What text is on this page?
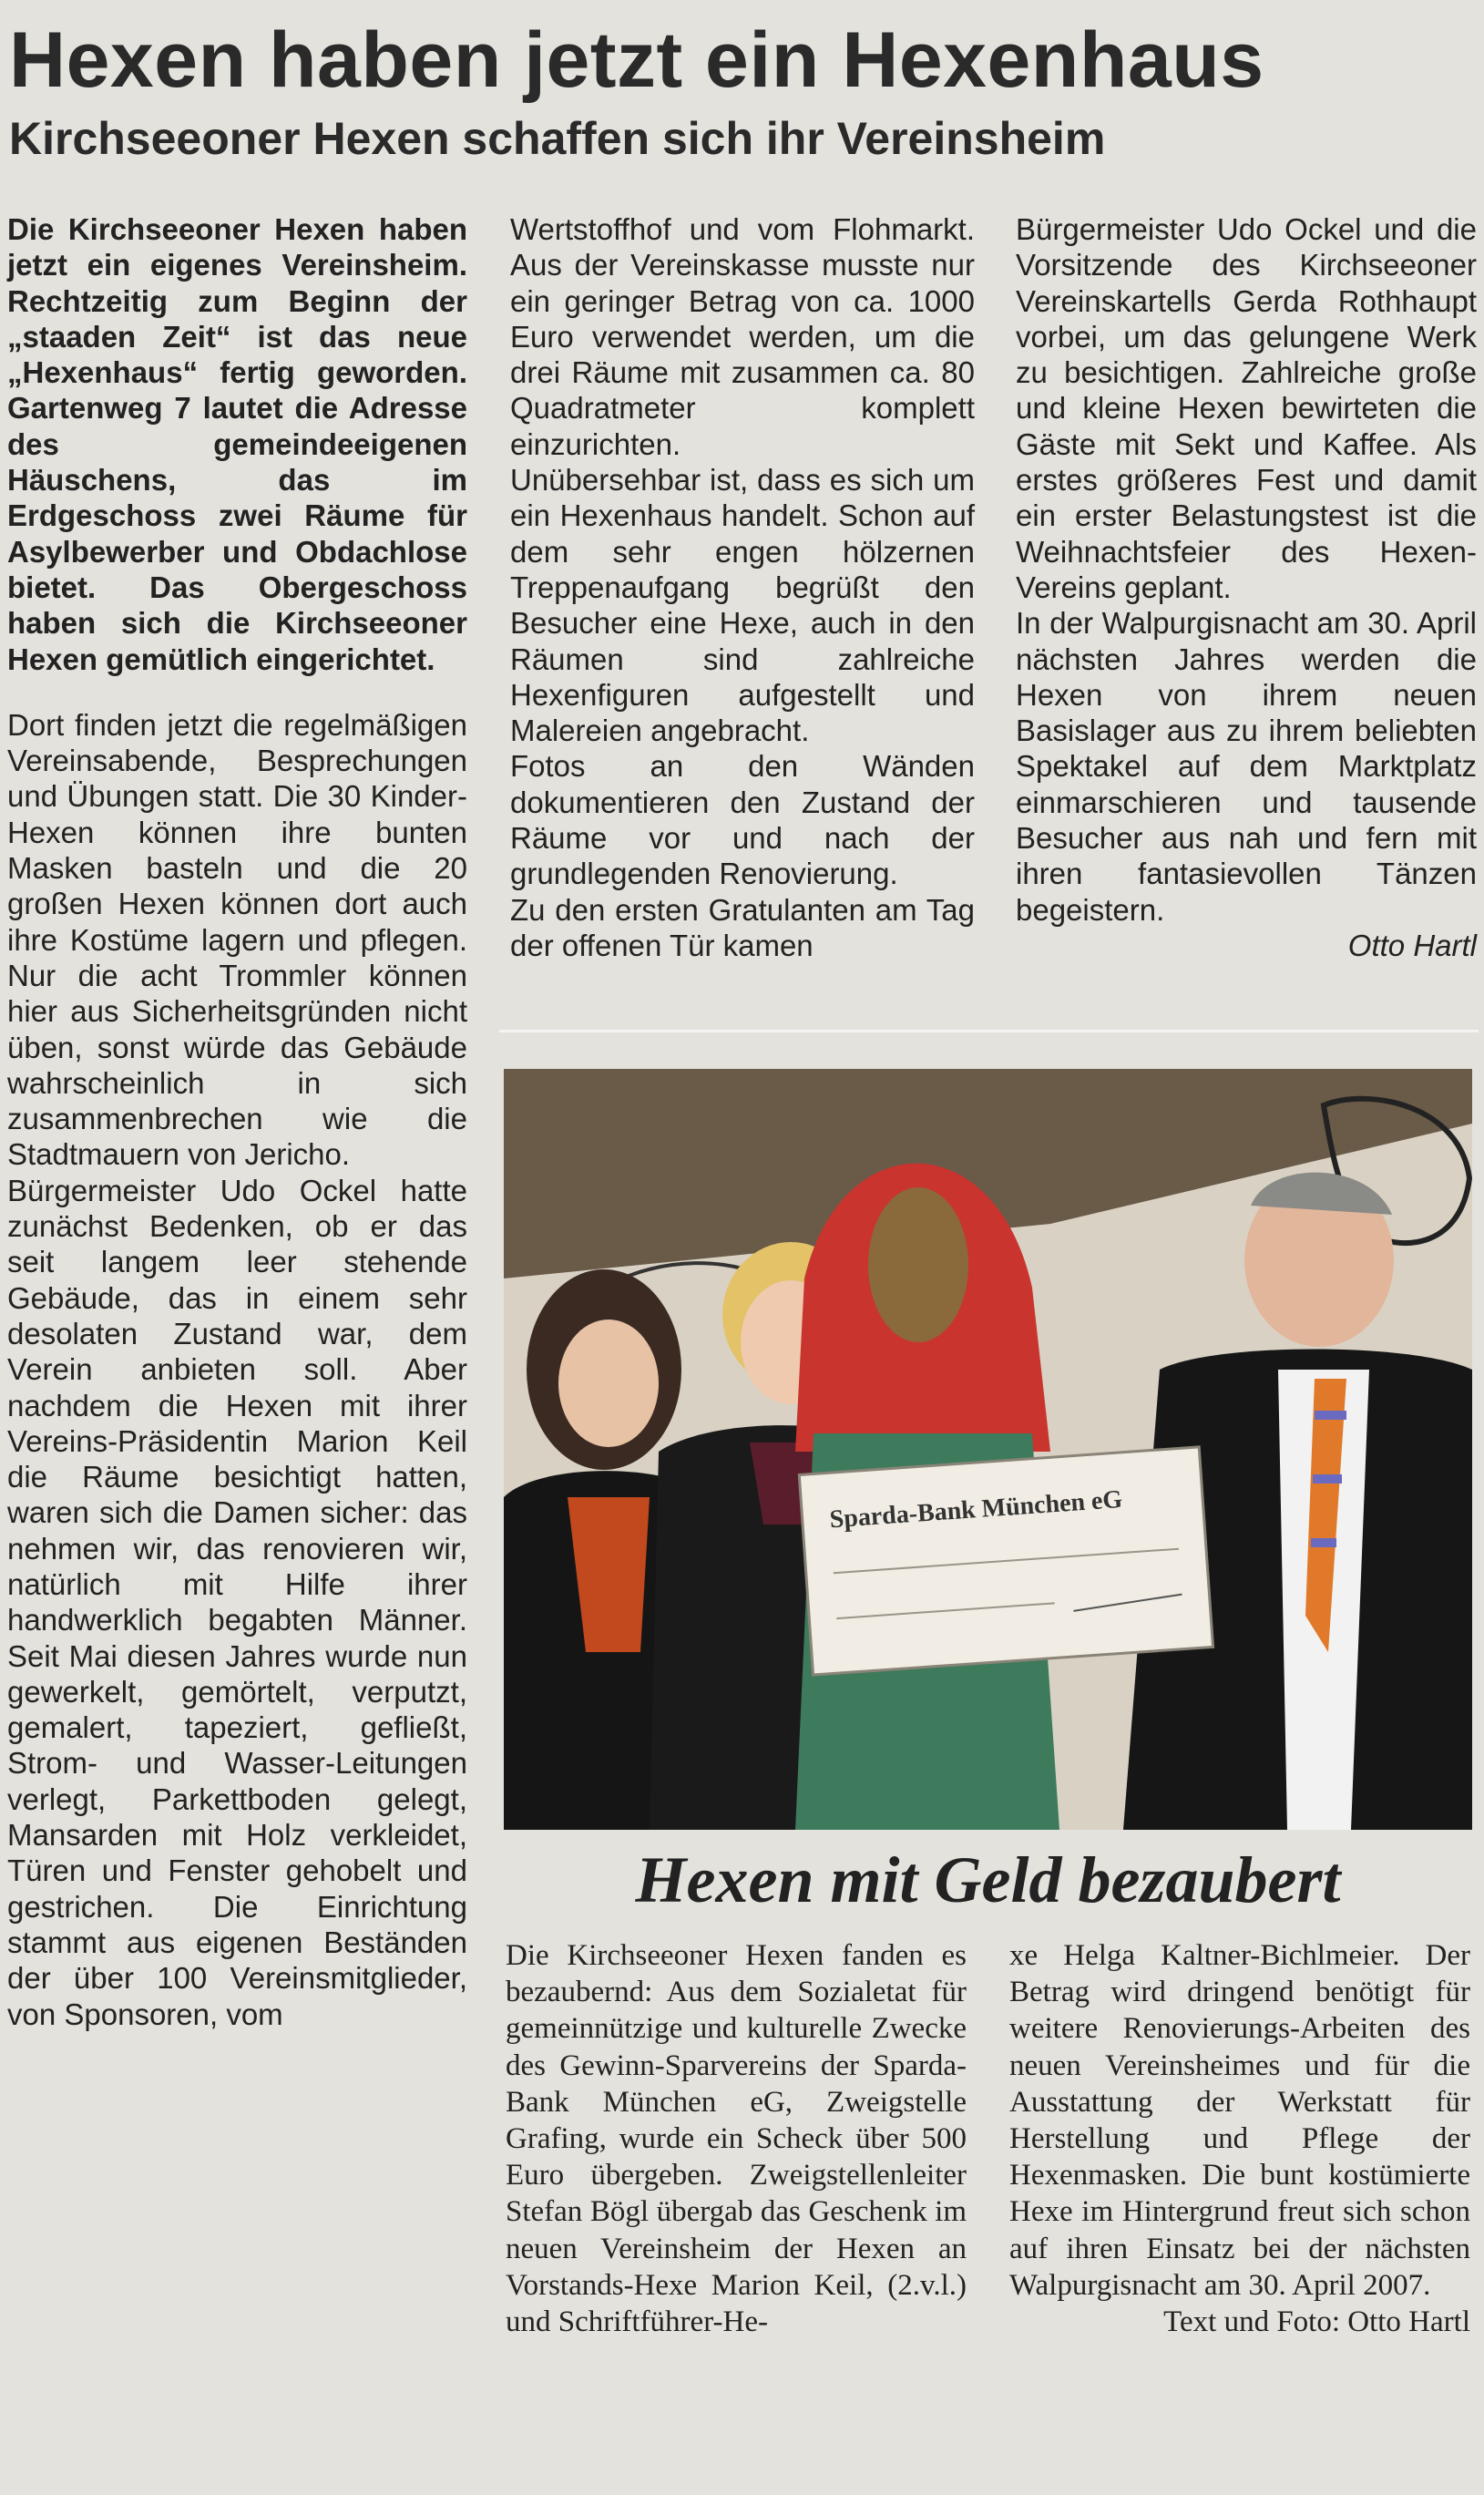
Hexen haben jetzt ein Hexenhaus
Kirchseeoner Hexen schaffen sich ihr Vereinsheim

Die Kirchseeoner Hexen haben jetzt ein eigenes Vereinsheim. Rechtzeitig zum Beginn der „staaden Zeit“ ist das neue „Hexenhaus“ fertig geworden. Gartenweg 7 lautet die Adresse des gemeindeeigenen Häuschens, das im Erdgeschoss zwei Räume für Asylbewerber und Obdachlose bietet. Das Obergeschoss haben sich die Kirchseeoner Hexen gemütlich eingerichtet.

Dort finden jetzt die regelmäßigen Vereinsabende, Besprechungen und Übungen statt. Die 30 Kinder-Hexen können ihre bunten Masken basteln und die 20 großen Hexen können dort auch ihre Kostüme lagern und pflegen. Nur die acht Trommler können hier aus Sicherheitsgründen nicht üben, sonst würde das Gebäude wahrscheinlich in sich zusammenbrechen wie die Stadtmauern von Jericho.

Bürgermeister Udo Ockel hatte zunächst Bedenken, ob er das seit langem leer stehende Gebäude, das in einem sehr desolaten Zustand war, dem Verein anbieten soll. Aber nachdem die Hexen mit ihrer Vereins-Präsidentin Marion Keil die Räume besichtigt hatten, waren sich die Damen sicher: das nehmen wir, das renovieren wir, natürlich mit Hilfe ihrer handwerklich begabten Männer. Seit Mai diesen Jahres wurde nun gewerkelt, gemörtelt, verputzt, gemalert, tapeziert, gefließt, Strom- und Wasser-Leitungen verlegt, Parkettboden gelegt, Mansarden mit Holz verkleidet, Türen und Fenster gehobelt und gestrichen. Die Einrichtung stammt aus eigenen Beständen der über 100 Vereinsmitglieder, von Sponsoren, vom

Wertstoffhof und vom Flohmarkt. Aus der Vereinskasse musste nur ein geringer Betrag von ca. 1000 Euro verwendet werden, um die drei Räume mit zusammen ca. 80 Quadratmeter komplett einzurichten.

Unübersehbar ist, dass es sich um ein Hexenhaus handelt. Schon auf dem sehr engen hölzernen Treppenaufgang begrüßt den Besucher eine Hexe, auch in den Räumen sind zahlreiche Hexenfiguren aufgestellt und Malereien angebracht.

Fotos an den Wänden dokumentieren den Zustand der Räume vor und nach der grundlegenden Renovierung.

Zu den ersten Gratulanten am Tag der offenen Tür kamen

Bürgermeister Udo Ockel und die Vorsitzende des Kirchseeoner Vereinskartells Gerda Rothhaupt vorbei, um das gelungene Werk zu besichtigen. Zahlreiche große und kleine Hexen bewirteten die Gäste mit Sekt und Kaffee. Als erstes größeres Fest und damit ein erster Belastungstest ist die Weihnachtsfeier des Hexen-Vereins geplant.

In der Walpurgisnacht am 30. April nächsten Jahres werden die Hexen von ihrem neuen Basislager aus zu ihrem beliebten Spektakel auf dem Marktplatz einmarschieren und tausende Besucher aus nah und fern mit ihren fantasievollen Tänzen begeistern.

Otto Hartl

Sparda-Bank München eG
Hexen mit Geld bezaubert

Die Kirchseeoner Hexen fanden es bezaubernd: Aus dem Sozialetat für gemeinnützige und kulturelle Zwecke des Gewinn-Sparvereins der Sparda-Bank München eG, Zweigstelle Grafing, wurde ein Scheck über 500 Euro übergeben. Zweigstellenleiter Stefan Bögl übergab das Geschenk im neuen Vereinsheim der Hexen an Vorstands-Hexe Marion Keil, (2.v.l.) und Schriftführer-He-

xe Helga Kaltner-Bichlmeier. Der Betrag wird dringend benötigt für weitere Renovierungs-Arbeiten des neuen Vereinsheimes und für die Ausstattung der Werkstatt für Herstellung und Pflege der Hexenmasken. Die bunt kostümierte Hexe im Hintergrund freut sich schon auf ihren Einsatz bei der nächsten Walpurgisnacht am 30. April 2007.

Text und Foto: Otto Hartl
